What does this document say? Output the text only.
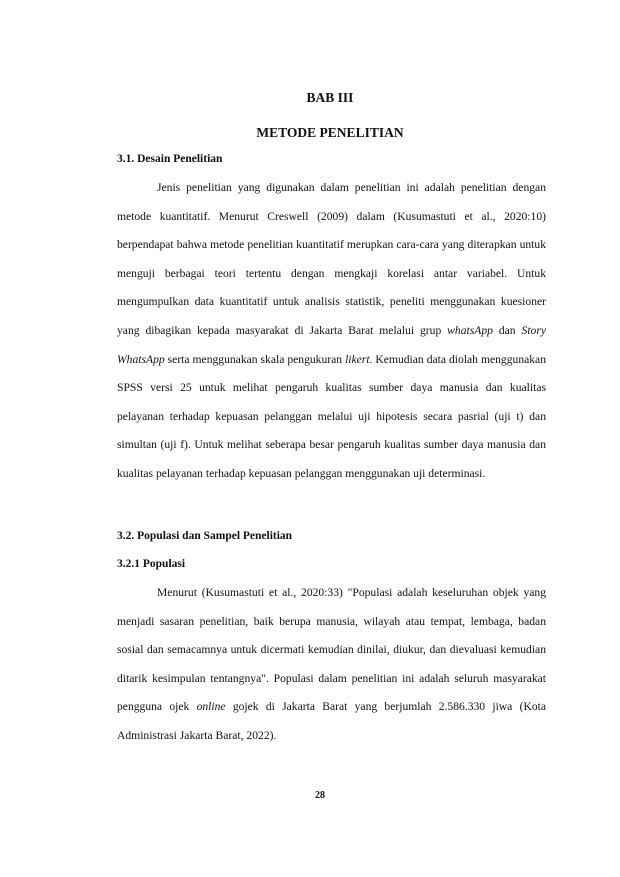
BAB III
METODE PENELITIAN
3.1. Desain Penelitian

Jenis penelitian yang digunakan dalam penelitian ini adalah penelitian dengan metode kuantitatif. Menurut Creswell (2009) dalam (Kusumastuti et al., 2020:10) berpendapat bahwa metode penelitian kuantitatif merupkan cara-cara yang diterapkan untuk menguji berbagai teori tertentu dengan mengkaji korelasi antar variabel. Untuk mengumpulkan data kuantitatif untuk analisis statistik, peneliti menggunakan kuesioner yang dibagikan kepada masyarakat di Jakarta Barat melalui grup whatsApp dan Story WhatsApp serta menggunakan skala pengukuran likert. Kemudian data diolah menggunakan SPSS versi 25 untuk melihat pengaruh kualitas sumber daya manusia dan kualitas pelayanan terhadap kepuasan pelanggan melalui uji hipotesis secara pasrial (uji t) dan simultan (uji f). Untuk melihat seberapa besar pengaruh kualitas sumber daya manusia dan kualitas pelayanan terhadap kepuasan pelanggan menggunakan uji determinasi.

3.2. Populasi dan Sampel Penelitian
3.2.1 Populasi

Menurut (Kusumastuti et al., 2020:33) "Populasi adalah keseluruhan objek yang menjadi sasaran penelitian, baik berupa manusia, wilayah atau tempat, lembaga, badan sosial dan semacamnya untuk dicermati kemudian dinilai, diukur, dan dievaluasi kemudian ditarik kesimpulan tentangnya". Populasi dalam penelitian ini adalah seluruh masyarakat pengguna ojek online gojek di Jakarta Barat yang berjumlah 2.586.330 jiwa (Kota Administrasi Jakarta Barat, 2022).

28
